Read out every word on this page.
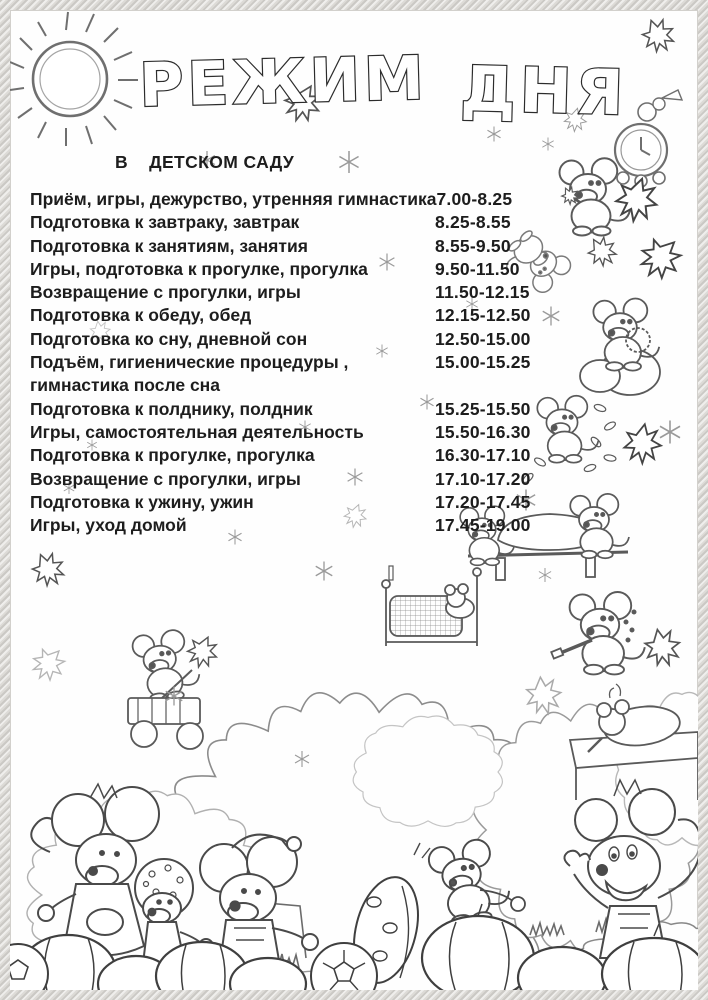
РЕЖИМ ДНЯ
В    ДЕТСКОМ САДУ
Приём, игры, дежурство, утренняя гимнастика 7.00-8.25
Подготовка к завтраку, завтрак	8.25-8.55
Подготовка к занятиям, занятия	8.55-9.50
Игры, подготовка к прогулке, прогулка	9.50-11.50
Возвращение с прогулки, игры	11.50-12.15
Подготовка к обеду, обед	12.15-12.50
Подготовка ко сну, дневной сон	12.50-15.00
Подъём, гигиенические процедуры ,	15.00-15.25
гимнастика после сна
Подготовка к полднику, полдник	15.25-15.50
Игры, самостоятельная деятельность	15.50-16.30
Подготовка к прогулке, прогулка	16.30-17.10
Возвращение с прогулки, игры	17.10-17.20
Подготовка к ужину, ужин	17.20-17.45
Игры, уход домой	17.45-19.00
